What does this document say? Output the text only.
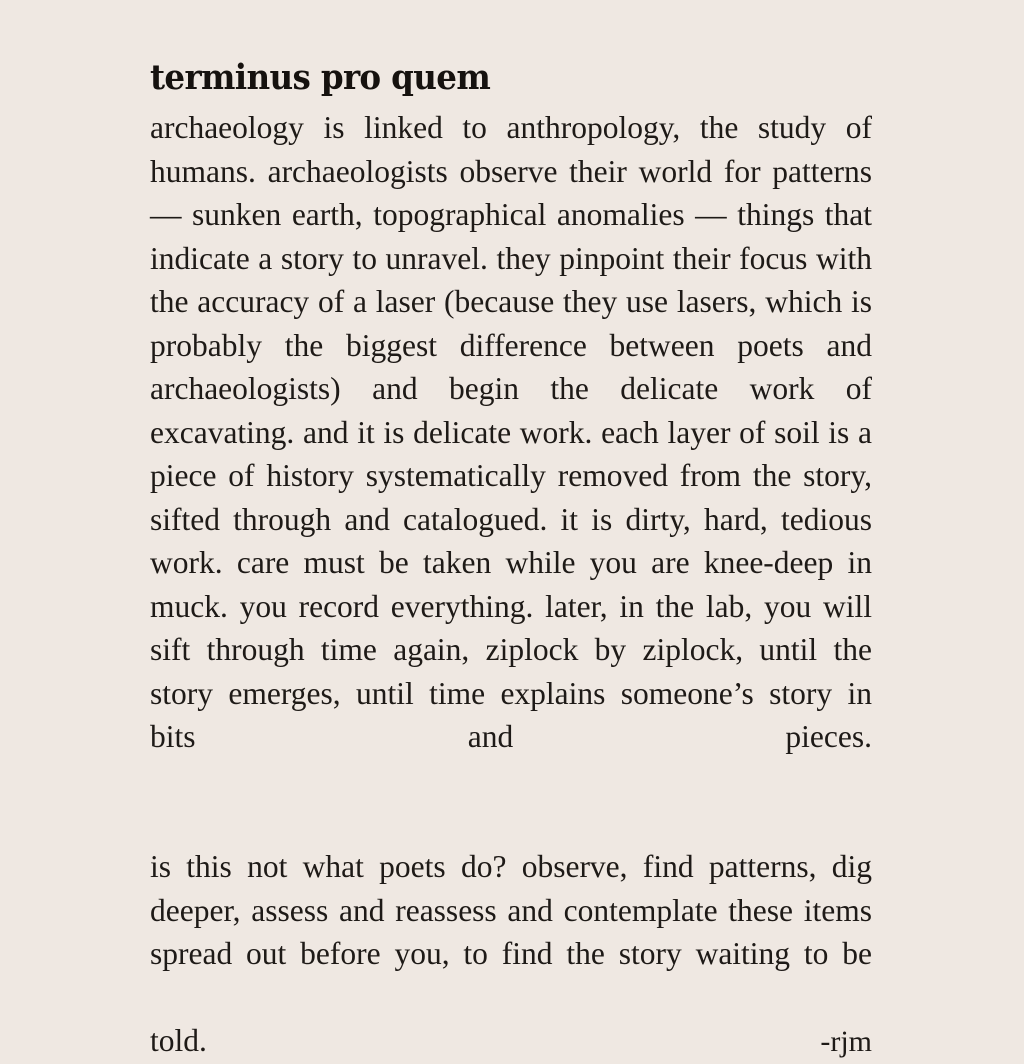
terminus pro quem

archaeology is linked to anthropology, the study of humans. archaeologists observe their world for patterns — sunken earth, topographical anomalies — things that indicate a story to unravel. they pinpoint their focus with the accuracy of a laser (because they use lasers, which is probably the biggest difference between poets and archaeologists) and begin the delicate work of excavating. and it is delicate work. each layer of soil is a piece of history systematically removed from the story, sifted through and catalogued. it is dirty, hard, tedious work. care must be taken while you are knee-deep in muck. you record everything. later, in the lab, you will sift through time again, ziplock by ziplock, until the story emerges, until time explains someone’s story in bits and pieces.

is this not what poets do? observe, find patterns, dig deeper, assess and reassess and contemplate these items spread out before you, to find the story waiting to be

told.	-rjm
